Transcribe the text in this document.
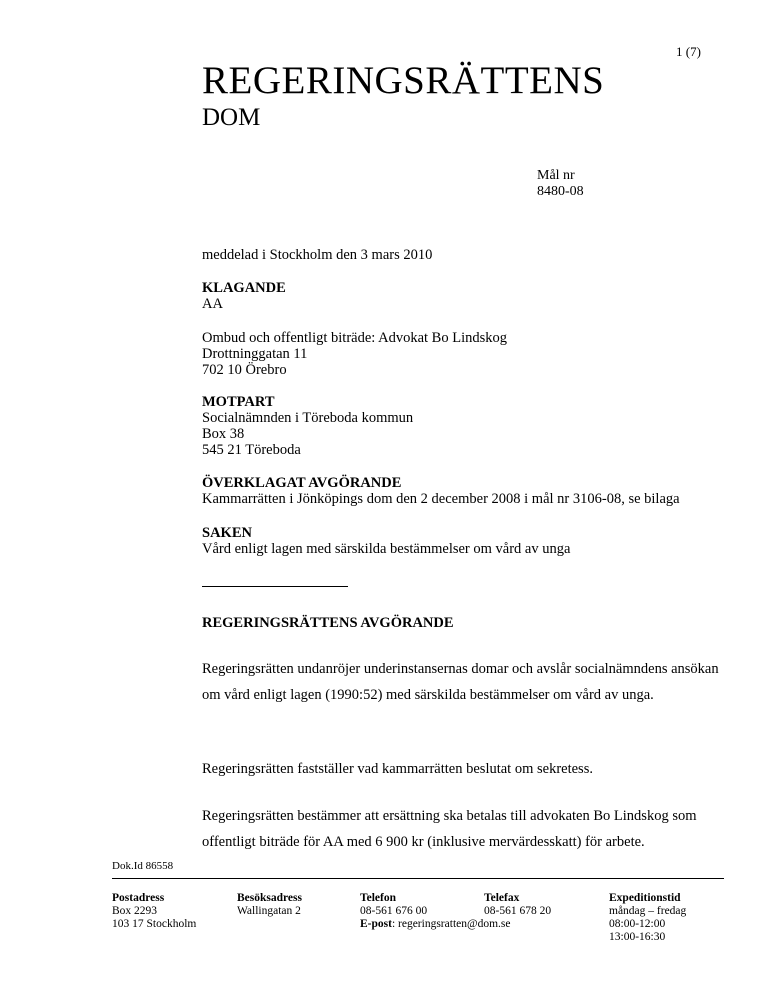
1 (7)
REGERINGSRÄTTENS
DOM
Mål nr
8480-08
meddelad i Stockholm den 3 mars 2010
KLAGANDE
AA
Ombud och offentligt biträde: Advokat Bo Lindskog
Drottninggatan 11
702 10 Örebro
MOTPART
Socialnämnden i Töreboda kommun
Box 38
545 21 Töreboda
ÖVERKLAGAT AVGÖRANDE
Kammarrätten i Jönköpings dom den 2 december 2008 i mål nr 3106-08, se bilaga
SAKEN
Vård enligt lagen med särskilda bestämmelser om vård av unga
REGERINGSRÄTTENS AVGÖRANDE
Regeringsrätten undanröjer underinstansernas domar och avslår socialnämndens ansökan om vård enligt lagen (1990:52) med särskilda bestämmelser om vård av unga.
Regeringsrätten fastställer vad kammarrätten beslutat om sekretess.
Regeringsrätten bestämmer att ersättning ska betalas till advokaten Bo Lindskog som offentligt biträde för AA med 6 900 kr (inklusive mervärdesskatt) för arbete.
Dok.Id 86558
Postadress
Box 2293
103 17 Stockholm
Besöksadress
Wallingatan 2
Telefon
08-561 676 00
E-post: regeringsratten@dom.se
Telefax
08-561 678 20
Expeditionstid
måndag – fredag
08:00-12:00
13:00-16:30
